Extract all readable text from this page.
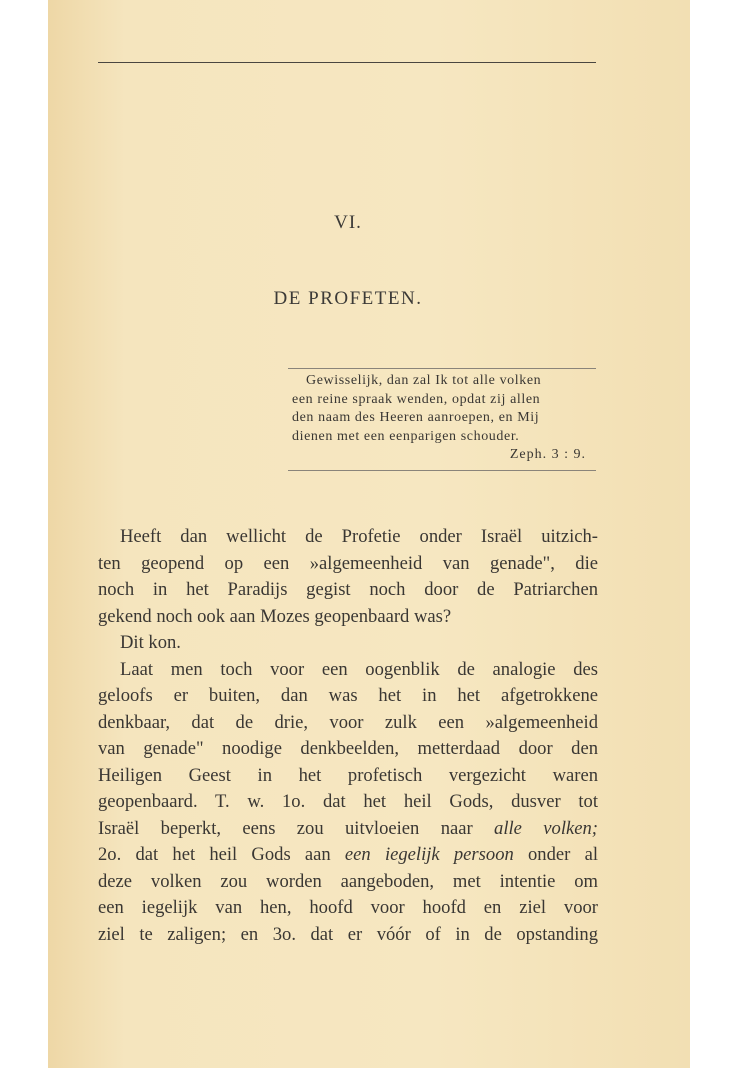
VI.
DE PROFETEN.
Gewisselijk, dan zal Ik tot alle volken
een reine spraak wenden, opdat zij allen
den naam des Heeren aanroepen, en Mij
dienen met een eenparigen schouder.
Zeph. 3 : 9.
Heeft dan wellicht de Profetie onder Israël uitzich-
ten geopend op een »algemeenheid van genade", die
noch in het Paradijs gegist noch door de Patriarchen
gekend noch ook aan Mozes geopenbaard was?
Dit kon.
Laat men toch voor een oogenblik de analogie des
geloofs er buiten, dan was het in het afgetrokkene
denkbaar, dat de drie, voor zulk een »algemeenheid
van genade" noodige denkbeelden, metterdaad door den
Heiligen Geest in het profetisch vergezicht waren
geopenbaard. T. w. 1o. dat het heil Gods, dusver tot
Israël beperkt, eens zou uitvloeien naar alle volken;
2o. dat het heil Gods aan een iegelijk persoon onder al
deze volken zou worden aangeboden, met intentie om
een iegelijk van hen, hoofd voor hoofd en ziel voor
ziel te zaligen; en 3o. dat er vóór of in de opstanding
